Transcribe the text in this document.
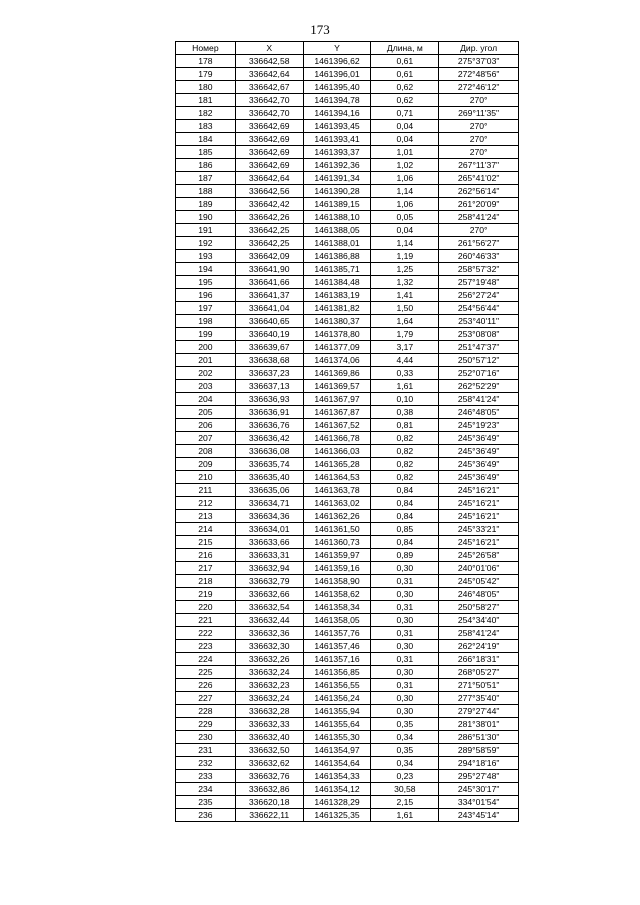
173
Номер	X	Y	Длина, м	Дир. угол
178	336642,58	1461396,62	0,61	275°37'03"
179	336642,64	1461396,01	0,61	272°48'56"
180	336642,67	1461395,40	0,62	272°46'12"
181	336642,70	1461394,78	0,62	270°
182	336642,70	1461394,16	0,71	269°11'35"
183	336642,69	1461393,45	0,04	270°
184	336642,69	1461393,41	0,04	270°
185	336642,69	1461393,37	1,01	270°
186	336642,69	1461392,36	1,02	267°11'37"
187	336642,64	1461391,34	1,06	265°41'02"
188	336642,56	1461390,28	1,14	262°56'14"
189	336642,42	1461389,15	1,06	261°20'09"
190	336642,26	1461388,10	0,05	258°41'24"
191	336642,25	1461388,05	0,04	270°
192	336642,25	1461388,01	1,14	261°56'27"
193	336642,09	1461386,88	1,19	260°46'33"
194	336641,90	1461385,71	1,25	258°57'32"
195	336641,66	1461384,48	1,32	257°19'48"
196	336641,37	1461383,19	1,41	256°27'24"
197	336641,04	1461381,82	1,50	254°56'44"
198	336640,65	1461380,37	1,64	253°40'11"
199	336640,19	1461378,80	1,79	253°08'08"
200	336639,67	1461377,09	3,17	251°47'37"
201	336638,68	1461374,06	4,44	250°57'12"
202	336637,23	1461369,86	0,33	252°07'16"
203	336637,13	1461369,57	1,61	262°52'29"
204	336636,93	1461367,97	0,10	258°41'24"
205	336636,91	1461367,87	0,38	246°48'05"
206	336636,76	1461367,52	0,81	245°19'23"
207	336636,42	1461366,78	0,82	245°36'49"
208	336636,08	1461366,03	0,82	245°36'49"
209	336635,74	1461365,28	0,82	245°36'49"
210	336635,40	1461364,53	0,82	245°36'49"
211	336635,06	1461363,78	0,84	245°16'21"
212	336634,71	1461363,02	0,84	245°16'21"
213	336634,36	1461362,26	0,84	245°16'21"
214	336634,01	1461361,50	0,85	245°33'21"
215	336633,66	1461360,73	0,84	245°16'21"
216	336633,31	1461359,97	0,89	245°26'58"
217	336632,94	1461359,16	0,30	240°01'06"
218	336632,79	1461358,90	0,31	245°05'42"
219	336632,66	1461358,62	0,30	246°48'05"
220	336632,54	1461358,34	0,31	250°58'27"
221	336632,44	1461358,05	0,30	254°34'40"
222	336632,36	1461357,76	0,31	258°41'24"
223	336632,30	1461357,46	0,30	262°24'19"
224	336632,26	1461357,16	0,31	266°18'31"
225	336632,24	1461356,85	0,30	268°05'27"
226	336632,23	1461356,55	0,31	271°50'51"
227	336632,24	1461356,24	0,30	277°35'40"
228	336632,28	1461355,94	0,30	279°27'44"
229	336632,33	1461355,64	0,35	281°38'01"
230	336632,40	1461355,30	0,34	286°51'30"
231	336632,50	1461354,97	0,35	289°58'59"
232	336632,62	1461354,64	0,34	294°18'16"
233	336632,76	1461354,33	0,23	295°27'48"
234	336632,86	1461354,12	30,58	245°30'17"
235	336620,18	1461328,29	2,15	334°01'54"
236	336622,11	1461325,35	1,61	243°45'14"
